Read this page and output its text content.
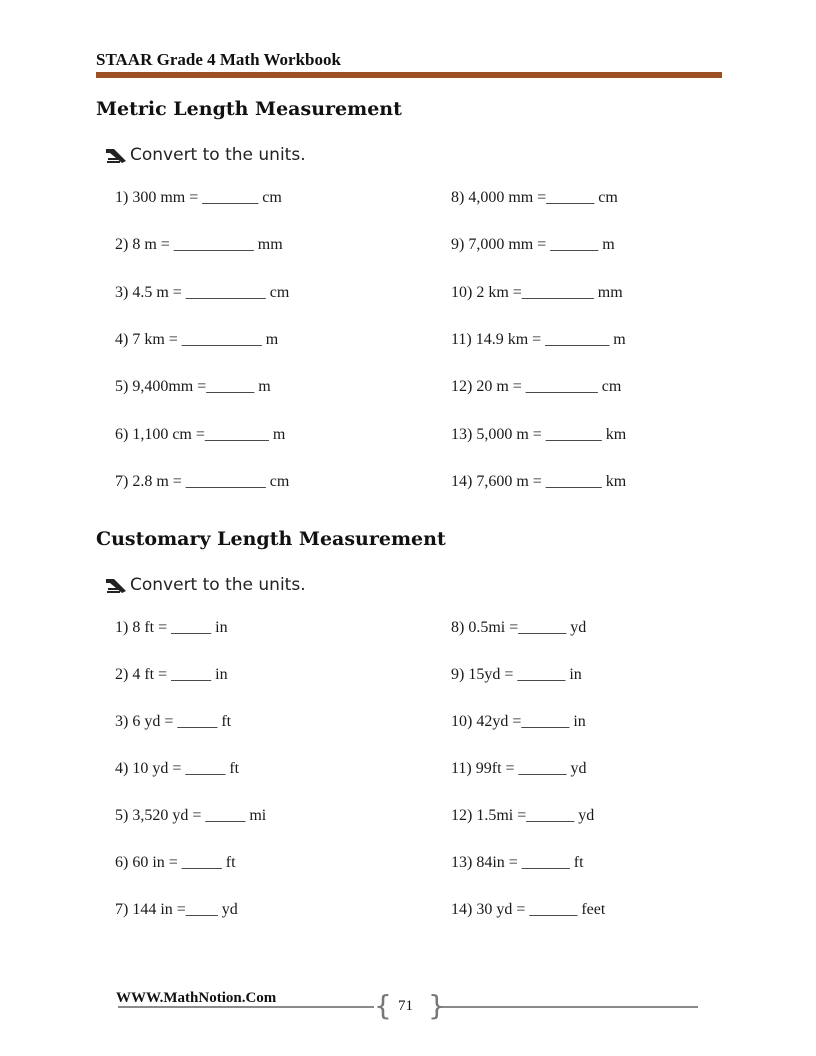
STAAR Grade 4 Math Workbook
Metric Length Measurement
Convert to the units.
1) 300 mm = _______ cm
2) 8 m = __________ mm
3) 4.5 m = __________ cm
4) 7 km = __________ m
5) 9,400mm =______ m
6) 1,100 cm =________ m
7) 2.8 m = __________ cm
8) 4,000 mm =______ cm
9) 7,000 mm = ______ m
10) 2 km =_________ mm
11) 14.9 km = ________ m
12) 20 m = _________ cm
13) 5,000 m = _______ km
14) 7,600 m = _______ km
Customary Length Measurement
Convert to the units.
1) 8 ft = _____ in
2) 4 ft = _____ in
3) 6 yd = _____ ft
4) 10 yd = _____ ft
5) 3,520 yd = _____ mi
6) 60 in = _____ ft
7) 144 in =____ yd
8) 0.5mi =______ yd
9) 15yd = ______ in
10) 42yd =______ in
11) 99ft = ______ yd
12) 1.5mi =______ yd
13) 84in = ______ ft
14) 30 yd = ______ feet
WWW.MathNotion.Com	{ }
71
